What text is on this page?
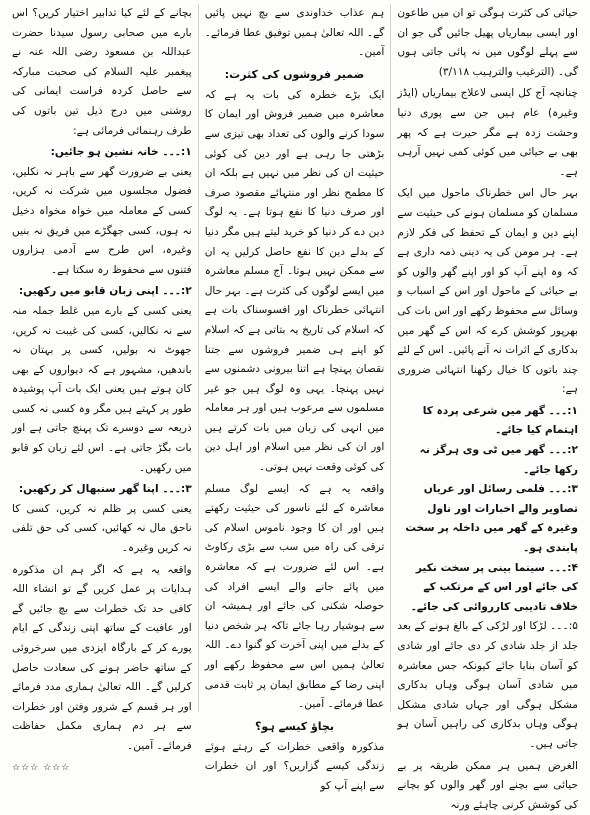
حیائی کی کثرت ہوگی تو ان میں طاعون اور ایسی بیماریاں پھیل جائیں گی جو ان سے پہلے لوگوں میں نہ پائی جاتی ہوں گی۔ (الترغیب والترہیب ۳/۱۱۸)
چنانچہ آج کل ایسی لاعلاج بیماریاں (ایڈز وغیرہ) عام ہیں جن سے پوری دنیا وحشت زدہ ہے مگر حیرت ہے کہ پھر بھی بے حیائی میں کوئی کمی نہیں آرہی ہے۔
بہر حال اس خطرناک ماحول میں ایک مسلمان کو مسلمان ہونے کی حیثیت سے اپنے دین و ایمان کے تحفظ کی فکر لازم ہے۔ ہر مومن کی یہ دینی ذمہ داری ہے کہ وہ اپنے آپ کو اور اپنے گھر والوں کو بے حیائی کے ماحول اور اس کے اسباب و وسائل سے محفوظ رکھے اور اس بات کی بھرپور کوشش کرے کہ اس کے گھر میں بدکاری کے اثرات نہ آنے پائیں۔ اس کے لئے چند باتوں کا خیال رکھنا انتہائی ضروری ہے:
۱:۔۔۔ گھر میں شرعی پردہ کا اہتمام کیا جائے۔
۲:۔۔۔ گھر میں ٹی وی ہرگز نہ رکھا جائے۔
۳:۔۔۔ فلمی رسائل اور عریاں تصاویر والے اخبارات اور ناول وغیرہ کے گھر میں داخلہ پر سخت پابندی ہو۔
۴:۔۔۔ سینما بینی پر سخت نکیر کی جائے اور اس کے مرتکب کے خلاف تادیبی کارروائی کی جائے۔
۵:۔۔۔ لڑکا اور لڑکی کے بالغ ہونے کے بعد جلد از جلد شادی کر دی جائے اور شادی کو آسان بنایا جائے کیونکہ جس معاشرہ میں شادی آسان ہوگی وہاں بدکاری مشکل ہوگی اور جہاں شادی مشکل ہوگی وہاں بدکاری کی راہیں آسان ہو جاتی ہیں۔
الغرض ہمیں ہر ممکن طریقہ پر بے حیائی سے بچنے اور گھر والوں کو بچانے کی کوشش کرنی چاہئے ورنہ
ہم عذاب خداوندی سے بچ نہیں پائیں گے۔ اللہ تعالیٰ ہمیں توفیق عطا فرمائے۔ آمین۔
ضمیر فروشوں کی کثرت:
ایک بڑے خطرہ کی بات یہ ہے کہ معاشرہ میں ضمیر فروش اور ایمان کا سودا کرنے والوں کی تعداد بھی تیزی سے بڑھتی جا رہی ہے اور دین کی کوئی حیثیت ان کی نظر میں نہیں ہے بلکہ ان کا مطمح نظر اور منتہائے مقصود صرف اور صرف دنیا کا نفع ہوتا ہے۔ یہ لوگ دین دے کر دنیا کو خرید لیتے ہیں مگر دنیا کے بدلے دین کا نفع حاصل کرلیں یہ ان سے ممکن نہیں ہوتا۔ آج مسلم معاشرہ میں ایسے لوگوں کی کثرت ہے۔ بہر حال انتہائی خطرناک اور افسوسناک بات ہے کہ اسلام کی تاریخ یہ بتاتی ہے کہ اسلام کو اپنے ہی ضمیر فروشوں سے جتنا نقصان پہنچا ہے اتنا بیرونی دشمنوں سے نہیں پہنچا۔ یہی وہ لوگ ہیں جو غیر مسلموں سے مرعوب ہیں اور ہر معاملہ میں انہی کی زبان میں بات کرتے ہیں اور ان کی نظر میں اسلام اور اہل دین کی کوئی وقعت نہیں ہوتی۔
واقعہ یہ ہے کہ ایسے لوگ مسلم معاشرہ کے لئے ناسور کی حیثیت رکھتے ہیں اور ان کا وجود ناموس اسلام کی ترقی کی راہ میں سب سے بڑی رکاوٹ ہے۔ اس لئے ضرورت ہے کہ معاشرہ میں پائے جانے والے ایسے افراد کی حوصلہ شکنی کی جائے اور ہمیشہ ان سے ہوشیار رہا جائے تاکہ ہر شخص دنیا کے بدلے میں اپنی آخرت کو گنوا دے۔ اللہ تعالیٰ ہمیں اس سے محفوظ رکھے اور اپنی رضا کے مطابق ایمان پر ثابت قدمی عطا فرمائے۔ آمین۔
بچاؤ کیسے ہو؟
مذکورہ واقعی خطرات کے رہتے ہوئے زندگی کیسے گزاریں؟ اور ان خطرات سے اپنے آپ کو
بچانے کے لئے کیا تدابیر اختیار کریں؟ اس بارے میں صحابی رسول سیدنا حضرت عبداللہ بن مسعود رضی اللہ عنہ نے پیغمبر علیہ السلام کی صحبت مبارکہ سے حاصل کردہ فراست ایمانی کی روشنی میں درج ذیل تین باتوں کی طرف رہنمائی فرمائی ہے:
۱:۔۔۔ خانہ نشین ہو جائیں:
یعنی بے ضرورت گھر سے باہر نہ نکلیں، فضول مجلسوں میں شرکت نہ کریں، کسی کے معاملہ میں خواہ مخواہ دخیل نہ ہوں، کسی جھگڑے میں فریق نہ بنیں وغیرہ، اس طرح سے آدمی ہزاروں فتنوں سے محفوظ رہ سکتا ہے۔
۲:۔۔۔ اپنی زبان قابو میں رکھیں:
یعنی کسی کے بارے میں غلط جملہ منہ سے نہ نکالیں، کسی کی غیبت نہ کریں، جھوٹ نہ بولیں، کسی پر بہتان نہ باندھیں، مشہور ہے کہ دیواروں کے بھی کان ہوتے ہیں یعنی ایک بات آپ پوشیدہ طور پر کہتے ہیں مگر وہ کسی نہ کسی ذریعہ سے دوسرے تک پہنچ جاتی ہے اور بات بگڑ جاتی ہے۔ اس لئے زبان کو قابو میں رکھیں۔
۳:۔۔۔ اپنا گھر سنبھال کر رکھیں:
یعنی کسی پر ظلم نہ کریں، کسی کا ناحق مال نہ کھائیں، کسی کی حق تلفی نہ کریں وغیرہ۔
واقعہ یہ ہے کہ اگر ہم ان مذکورہ ہدایات پر عمل کریں گے تو انشاء اللہ کافی حد تک خطرات سے بچ جائیں گے اور عافیت کے ساتھ اپنی زندگی کے ایام پورے کر کے بارگاہ ایزدی میں سرخروئی کے ساتھ حاضر ہونے کی سعادت حاصل کرلیں گے۔ اللہ تعالیٰ ہماری مدد فرمائے اور ہر قسم کے شرور وفتن اور خطرات سے ہر دم ہماری مکمل حفاظت فرمائے۔ آمین۔
☆☆☆ ☆☆☆
